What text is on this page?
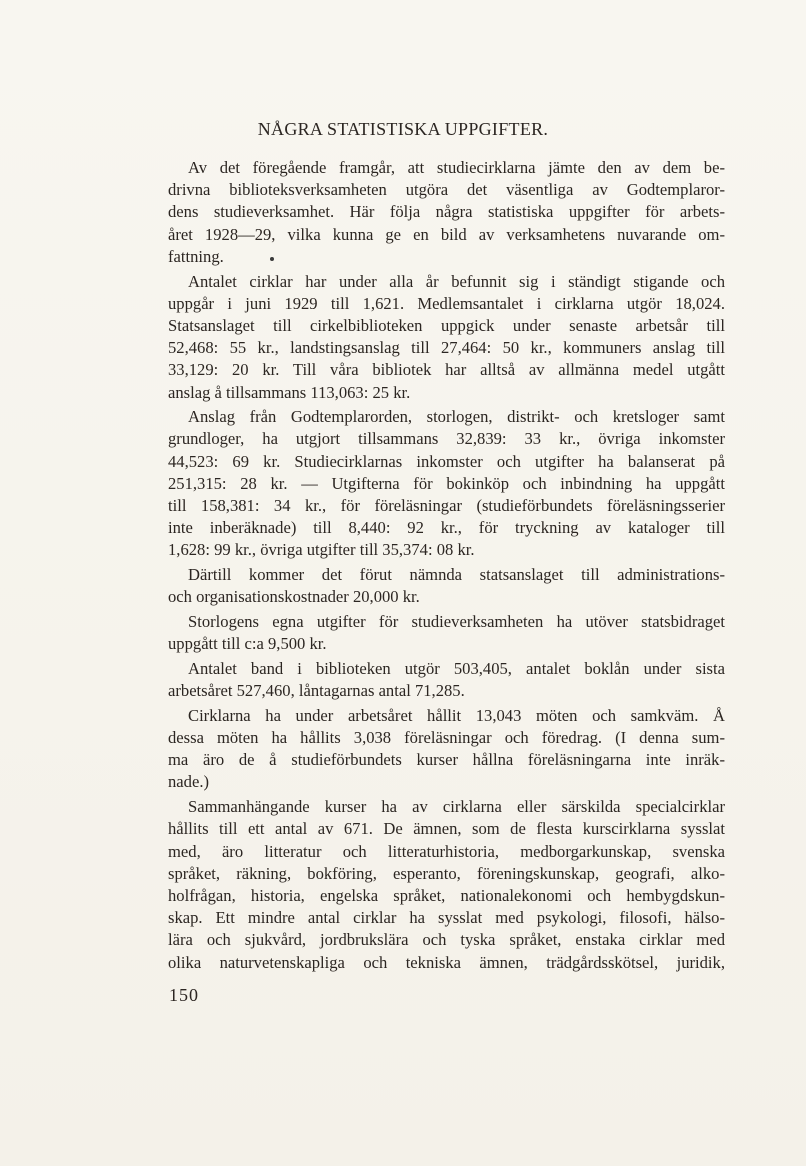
NÅGRA STATISTISKA UPPGIFTER.

Av det föregående framgår, att studiecirklarna jämte den av dem be-
drivna biblioteksverksamheten utgöra det väsentliga av Godtemplaror-
dens studieverksamhet. Här följa några statistiska uppgifter för arbets-
året 1928—29, vilka kunna ge en bild av verksamhetens nuvarande om-
fattning.

Antalet cirklar har under alla år befunnit sig i ständigt stigande och
uppgår i juni 1929 till 1,621. Medlemsantalet i cirklarna utgör 18,024.
Statsanslaget till cirkelbiblioteken uppgick under senaste arbetsår till
52,468: 55 kr., landstingsanslag till 27,464: 50 kr., kommuners anslag till
33,129: 20 kr. Till våra bibliotek har alltså av allmänna medel utgått
anslag å tillsammans 113,063: 25 kr.

Anslag från Godtemplarorden, storlogen, distrikt- och kretsloger samt
grundloger, ha utgjort tillsammans 32,839: 33 kr., övriga inkomster
44,523: 69 kr. Studiecirklarnas inkomster och utgifter ha balanserat på
251,315: 28 kr. — Utgifterna för bokinköp och inbindning ha uppgått
till 158,381: 34 kr., för föreläsningar (studieförbundets föreläsningsserier
inte inberäknade) till 8,440: 92 kr., för tryckning av kataloger till
1,628: 99 kr., övriga utgifter till 35,374: 08 kr.

Därtill kommer det förut nämnda statsanslaget till administrations-
och organisationskostnader 20,000 kr.

Storlogens egna utgifter för studieverksamheten ha utöver statsbidraget
uppgått till c:a 9,500 kr.

Antalet band i biblioteken utgör 503,405, antalet boklån under sista
arbetsåret 527,460, låntagarnas antal 71,285.

Cirklarna ha under arbetsåret hållit 13,043 möten och samkväm. Å
dessa möten ha hållits 3,038 föreläsningar och föredrag. (I denna sum-
ma äro de å studieförbundets kurser hållna föreläsningarna inte inräk-
nade.)

Sammanhängande kurser ha av cirklarna eller särskilda specialcirklar
hållits till ett antal av 671. De ämnen, som de flesta kurscirklarna sysslat
med, äro litteratur och litteraturhistoria, medborgarkunskap, svenska
språket, räkning, bokföring, esperanto, föreningskunskap, geografi, alko-
holfrågan, historia, engelska språket, nationalekonomi och hembygdskun-
skap. Ett mindre antal cirklar ha sysslat med psykologi, filosofi, hälso-
lära och sjukvård, jordbrukslära och tyska språket, enstaka cirklar med
olika naturvetenskapliga och tekniska ämnen, trädgårdsskötsel, juridik,

150
